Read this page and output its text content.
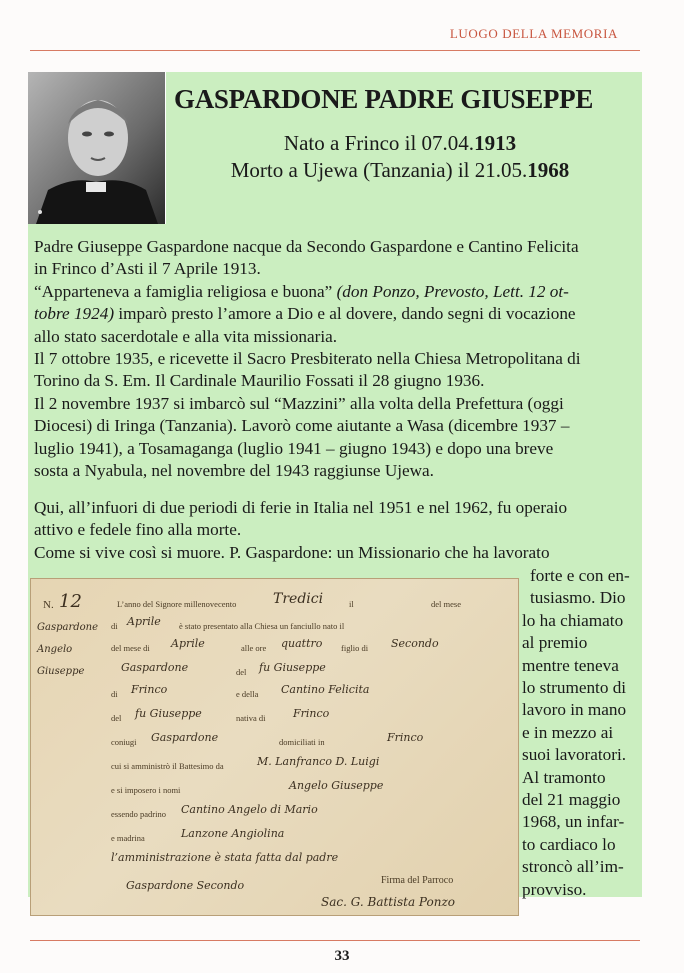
LUOGO DELLA MEMORIA
GASPARDONE PADRE GIUSEPPE
Nato a Frinco il 07.04.1913
Morto a Ujewa (Tanzania) il 21.05.1968
Padre Giuseppe Gaspardone nacque da Secondo Gaspardone e Cantino Felicita
in Frinco d’Asti il 7 Aprile 1913.
“Apparteneva a famiglia religiosa e buona” (don Ponzo, Prevosto, Lett. 12 ot-
tobre 1924) imparò presto l’amore a Dio e al dovere, dando segni di vocazione
allo stato sacerdotale e alla vita missionaria.
Il 7 ottobre 1935, e ricevette il Sacro Presbiterato nella Chiesa Metropolitana di
Torino da S. Em. Il Cardinale Maurilio Fossati il 28 giugno 1936.
Il 2 novembre 1937 si imbarcò sul “Mazzini” alla volta della Prefettura (oggi
Diocesi) di Iringa (Tanzania). Lavorò come aiutante a Wasa (dicembre 1937 –
luglio 1941), a Tosamaganga (luglio 1941 – giugno 1943) e dopo una breve
sosta a Nyabula, nel novembre del 1943 raggiunse Ujewa.
Qui, all’infuori di due periodi di ferie in Italia nel 1951 e nel 1962, fu operaio
attivo e fedele fino alla morte.
Come si vive così si muore. P. Gaspardone: un Missionario che ha lavorato
N. 12	L’anno del Signore millenovecento	Tredici	il	del mese
di Aprile è stato presentato alla Chiesa un fanciullo nato il
Gaspardone Angelo Giuseppe
del mese di Aprile	alle ore quattro figlio di Secondo
Gaspardone	del fu Giuseppe
di Frinco	e della Cantino Felicita
del fu Giuseppe	nativa di Frinco
coniugi Gaspardone	domiciliati in	Frinco
cui si amministrò il Battesimo da	M. Lanfranco D. Luigi
e si imposero i nomi	Angelo Giuseppe
essendo padrino Cantino Angelo di Mario
e madrina	Lanzone Angiolina
l’amministrazione è stata fatta dal padre
Gaspardone Secondo	Firma del Parroco
Sac. G. Battista Ponzo
forte e con en-
tusiasmo. Dio
lo ha chiamato
al premio
mentre teneva
lo strumento di
lavoro in mano
e in mezzo ai
suoi lavoratori.
Al tramonto
del 21 maggio
1968, un infar-
to cardiaco lo
stroncò all’im-
provviso.
33
